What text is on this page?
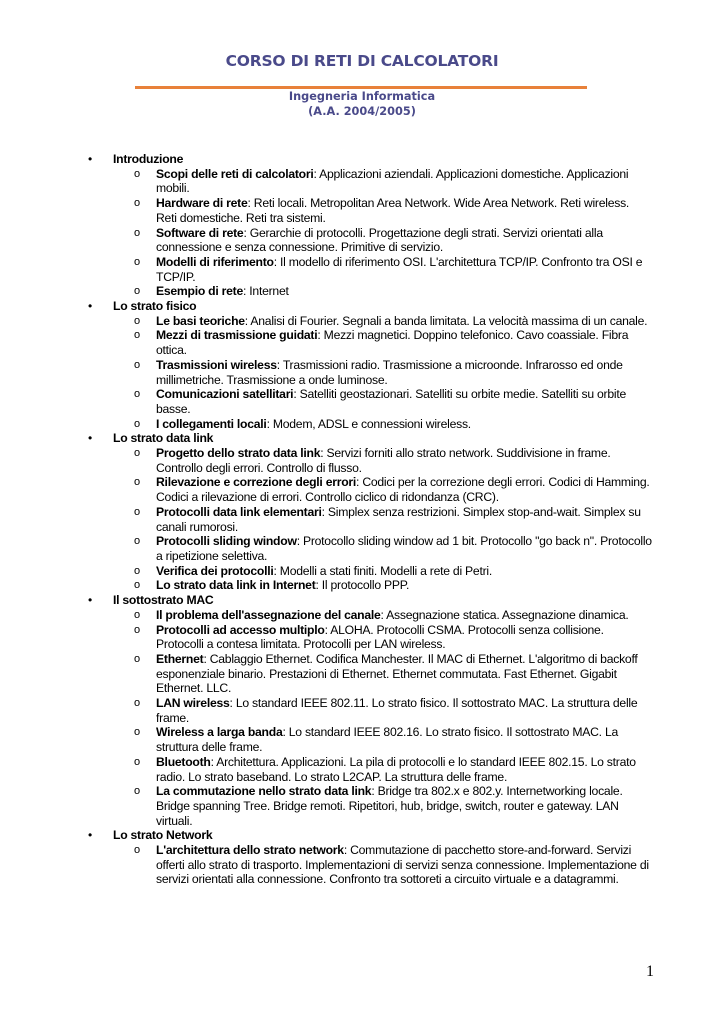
CORSO DI RETI DI CALCOLATORI
Ingegneria Informatica
(A.A. 2004/2005)
• Introduzione
o Scopi delle reti di calcolatori: Applicazioni aziendali. Applicazioni domestiche. Applicazioni mobili.
o Hardware di rete: Reti locali. Metropolitan Area Network. Wide Area Network. Reti wireless. Reti domestiche. Reti tra sistemi.
o Software di rete: Gerarchie di protocolli. Progettazione degli strati. Servizi orientati alla connessione e senza connessione. Primitive di servizio.
o Modelli di riferimento: Il modello di riferimento OSI. L'architettura TCP/IP. Confronto tra OSI e TCP/IP.
o Esempio di rete: Internet
• Lo strato fisico
o Le basi teoriche: Analisi di Fourier. Segnali a banda limitata. La velocità massima di un canale.
o Mezzi di trasmissione guidati: Mezzi magnetici. Doppino telefonico. Cavo coassiale. Fibra ottica.
o Trasmissioni wireless: Trasmissioni radio. Trasmissione a microonde. Infrarosso ed onde millimetriche. Trasmissione a onde luminose.
o Comunicazioni satellitari: Satelliti geostazionari. Satelliti su orbite medie. Satelliti su orbite basse.
o I collegamenti locali: Modem, ADSL e connessioni wireless.
• Lo strato data link
o Progetto dello strato data link: Servizi forniti allo strato network. Suddivisione in frame. Controllo degli errori. Controllo di flusso.
o Rilevazione e correzione degli errori: Codici per la correzione degli errori. Codici di Hamming. Codici a rilevazione di errori. Controllo ciclico di ridondanza (CRC).
o Protocolli data link elementari: Simplex senza restrizioni. Simplex stop-and-wait. Simplex su canali rumorosi.
o Protocolli sliding window: Protocollo sliding window ad 1 bit. Protocollo "go back n". Protocollo a ripetizione selettiva.
o Verifica dei protocolli: Modelli a stati finiti. Modelli a rete di Petri.
o Lo strato data link in Internet: Il protocollo PPP.
• Il sottostrato MAC
o Il problema dell'assegnazione del canale: Assegnazione statica. Assegnazione dinamica.
o Protocolli ad accesso multiplo: ALOHA. Protocolli CSMA. Protocolli senza collisione. Protocolli a contesa limitata. Protocolli per LAN wireless.
o Ethernet: Cablaggio Ethernet. Codifica Manchester. Il MAC di Ethernet. L'algoritmo di backoff esponenziale binario. Prestazioni di Ethernet. Ethernet commutata. Fast Ethernet. Gigabit Ethernet. LLC.
o LAN wireless: Lo standard IEEE 802.11. Lo strato fisico. Il sottostrato MAC. La struttura delle frame.
o Wireless a larga banda: Lo standard IEEE 802.16. Lo strato fisico. Il sottostrato MAC. La struttura delle frame.
o Bluetooth: Architettura. Applicazioni. La pila di protocolli e lo standard IEEE 802.15. Lo strato radio. Lo strato baseband. Lo strato L2CAP. La struttura delle frame.
o La commutazione nello strato data link: Bridge tra 802.x e 802.y. Internetworking locale. Bridge spanning Tree. Bridge remoti. Ripetitori, hub, bridge, switch, router e gateway. LAN virtuali.
• Lo strato Network
o L'architettura dello strato network: Commutazione di pacchetto store-and-forward. Servizi offerti allo strato di trasporto. Implementazioni di servizi senza connessione. Implementazione di servizi orientati alla connessione. Confronto tra sottoreti a circuito virtuale e a datagrammi.
1
